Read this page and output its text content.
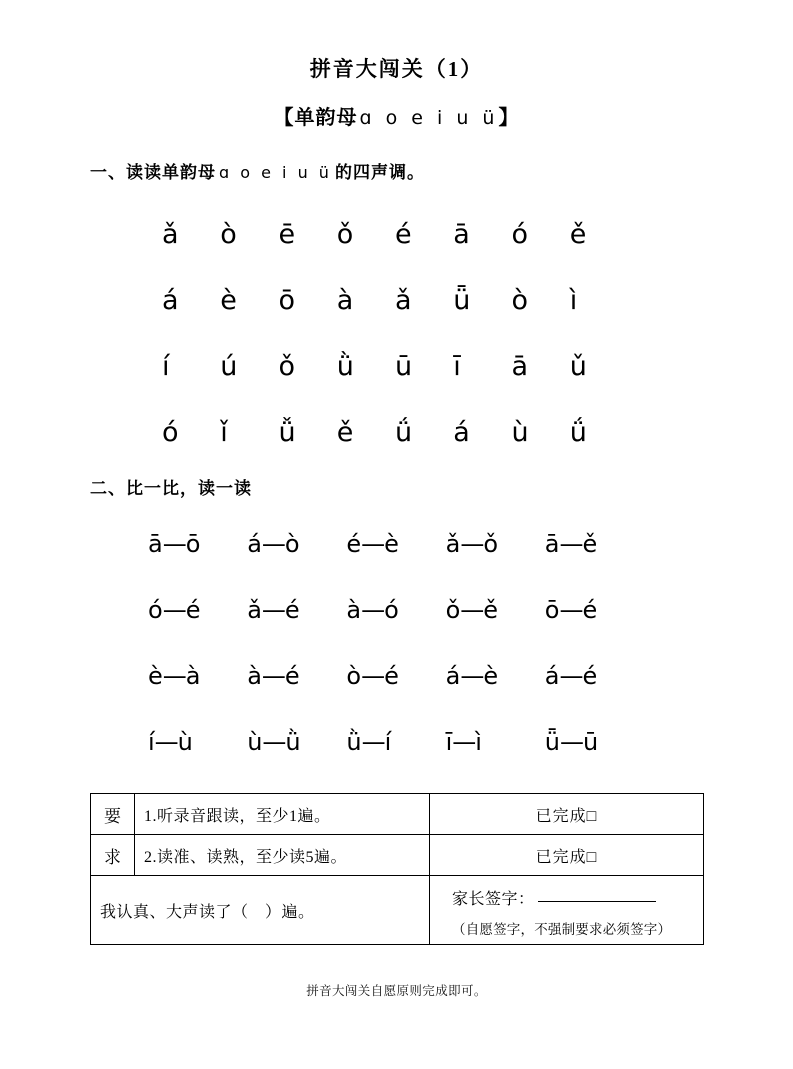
拼音大闯关（1）
【单韵母 ɑ o e i u ü】
一、读读单韵母 ɑ o e i u ü 的四声调。
ǎ	ò	ē	ǒ	é	ā	ó	ě
á	è	ō	à	ǎ	ǖ	ò	ì
í	ú	ǒ	ǜ	ū	ī	ā	ǔ
ó	ǐ	ǚ	ě	ǘ	á	ù	ǘ
二、比一比，读一读
ā—ō	á—ò	é—è	ǎ—ǒ	ā—ě
ó—é	ǎ—é	à—ó	ǒ—ě	ō—é
è—à	à—é	ò—é	á—è	á—é
í—ù	ù—ǜ	ǜ—í	ī—ì	ǖ—ū
要	1.听录音跟读，至少1遍。	已完成□
求	2.读准、读熟，至少读5遍。	已完成□
我认真、大声读了（　）遍。		家长签字：
（自愿签字，不强制要求必须签字）
拼音大闯关自愿原则完成即可。
